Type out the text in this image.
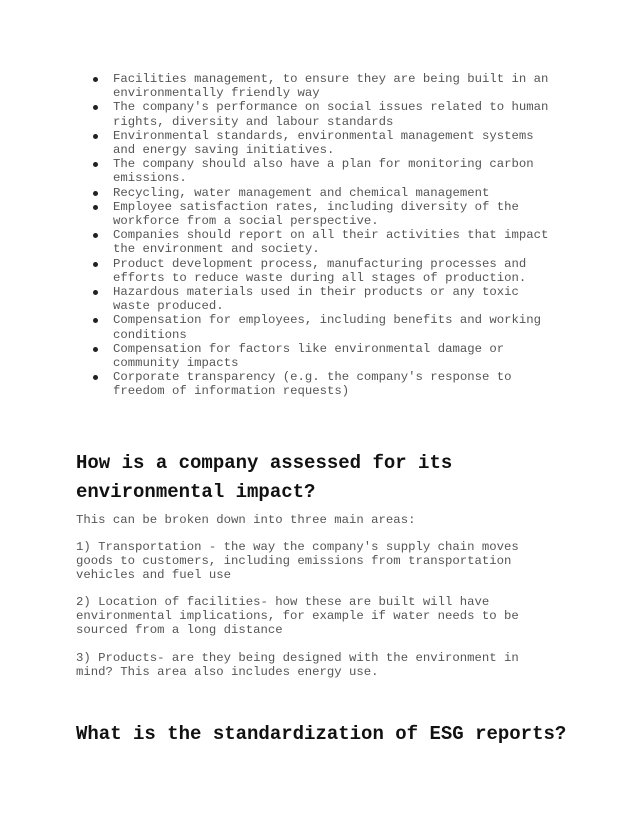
Facilities management, to ensure they are being built in an
environmentally friendly way
The company's performance on social issues related to human
rights, diversity and labour standards
Environmental standards, environmental management systems
and energy saving initiatives.
The company should also have a plan for monitoring carbon
emissions.
Recycling, water management and chemical management
Employee satisfaction rates, including diversity of the
workforce from a social perspective.
Companies should report on all their activities that impact
the environment and society.
Product development process, manufacturing processes and
efforts to reduce waste during all stages of production.
Hazardous materials used in their products or any toxic
waste produced.
Compensation for employees, including benefits and working
conditions
Compensation for factors like environmental damage or
community impacts
Corporate transparency (e.g. the company's response to
freedom of information requests)
How is a company assessed for its
environmental impact?

This can be broken down into three main areas:

1) Transportation - the way the company's supply chain moves
goods to customers, including emissions from transportation
vehicles and fuel use

2) Location of facilities- how these are built will have
environmental implications, for example if water needs to be
sourced from a long distance

3) Products- are they being designed with the environment in
mind? This area also includes energy use.

What is the standardization of ESG reports?
